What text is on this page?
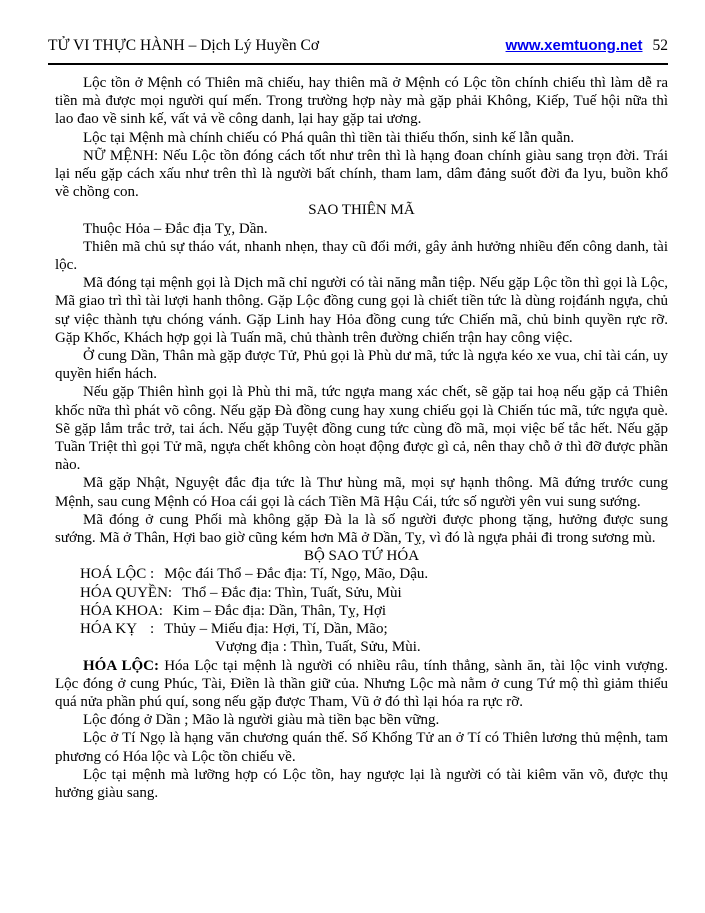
TỬ VI THỰC HÀNH – Dịch Lý Huyền Cơ	www.xemtuong.net 52

Lộc tồn ở Mệnh có Thiên mã chiếu, hay thiên mã ở Mệnh có Lộc tồn chính chiếu thì làm dễ ra tiền mà được mọi người quí mến. Trong trường hợp này mà gặp phải Không, Kiếp, Tuế hội nữa thì lao đao về sinh kế, vất vả về công danh, lại hay gặp tai ương.

Lộc tại Mệnh mà chính chiếu có Phá quân thì tiền tài thiếu thốn, sinh kế lẫn quẫn.

NỮ MỆNH: Nếu Lộc tồn đóng cách tốt như trên thì là hạng đoan chính giàu sang trọn đời. Trái lại nếu gặp cách xấu như trên thì là người bất chính, tham lam, dâm đảng suốt đời đa lyu, buồn khổ về chồng con.

SAO THIÊN MÃ

Thuộc Hỏa – Đắc địa Tỵ, Dần.

Thiên mã chủ sự tháo vát, nhanh nhẹn, thay cũ đổi mới, gây ảnh hưởng nhiều đến công danh, tài lộc.

Mã đóng tại mệnh gọi là Dịch mã chỉ người có tài năng mẫn tiệp. Nếu gặp Lộc tồn thì gọi là Lộc, Mã giao trì thì tài lượi hanh thông. Gặp Lộc đồng cung gọi là chiết tiền tức là dùng roịđánh ngựa, chủ sự việc thành tựu chóng vánh. Gặp Linh hay Hỏa đồng cung tức Chiến mã, chủ binh quyền rực rỡ. Gặp Khốc, Khách hợp gọi là Tuấn mã, chủ thành trên đường chiến trận hay công việc.

Ở cung Dần, Thân mà gặp được Tử, Phủ gọi là Phù dư mã, tức là ngựa kéo xe vua, chỉ tài cán, uy quyền hiển hách.

Nếu gặp Thiên hình gọi là Phù thi mã, tức ngựa mang xác chết, sẽ gặp tai hoạ nếu gặp cả Thiên khốc nữa thì phát võ công. Nếu gặp Đà đồng cung hay xung chiếu gọi là Chiến túc mã, tức ngựa què. Sẽ gặp lắm trắc trở, tai ách. Nếu gặp Tuyệt đồng cung tức cùng đồ mã, mọi việc bế tắc hết. Nếu gặp Tuần Triệt thì gọi Tử mã, ngựa chết không còn hoạt động được gì cả, nên thay chỗ ở thì đỡ được phần nào.

Mã gặp Nhật, Nguyệt đắc địa tức là Thư hùng mã, mọi sự hạnh thông. Mã đứng trước cung Mệnh, sau cung Mệnh có Hoa cái gọi là cách Tiền Mã Hậu Cái, tức số người yên vui sung sướng.

Mã đóng ở cung Phối mà không gặp Đà la là số người được phong tặng, hưởng được sung sướng. Mã ở Thân, Hợi bao giờ cũng kém hơn Mã ở Dần, Tỵ, vì đó là ngựa phải đi trong sương mù.

BỘ SAO TỨ HÓA

HOÁ LỘC : Mộc đái Thổ – Đắc địa: Tí, Ngọ, Mão, Dậu.
HÓA QUYỀN : Thổ – Đắc địa: Thìn, Tuất, Sửu, Mùi
HÓA KHOA : Kim – Đắc địa: Dần, Thân, Tỵ, Hợi
HÓA KỴ : Thủy – Miếu địa: Hợi, Tí, Dần, Mão;
Vượng địa : Thìn, Tuất, Sửu, Mùi.

HÓA LỘC: Hóa Lộc tại mệnh là người có nhiều râu, tính thẳng, sành ăn, tài lộc vinh vượng. Lộc đóng ở cung Phúc, Tài, Điền là thần giữ của. Nhưng Lộc mà nằm ở cung Tứ mộ thì giảm thiểu quá nửa phần phú quí, song nếu gặp được Tham, Vũ ở đó thì lại hóa ra rực rỡ.

Lộc đóng ở Dần ; Mão là người giàu mà tiền bạc bền vững.

Lộc ở Tí Ngọ là hạng văn chương quán thế. Số Khổng Tử an ở Tí có Thiên lương thủ mệnh, tam phương có Hóa lộc và Lộc tồn chiếu về.

Lộc tại mệnh mà lưỡng hợp có Lộc tồn, hay ngược lại là người có tài kiêm văn võ, được thụ hưởng giàu sang.
